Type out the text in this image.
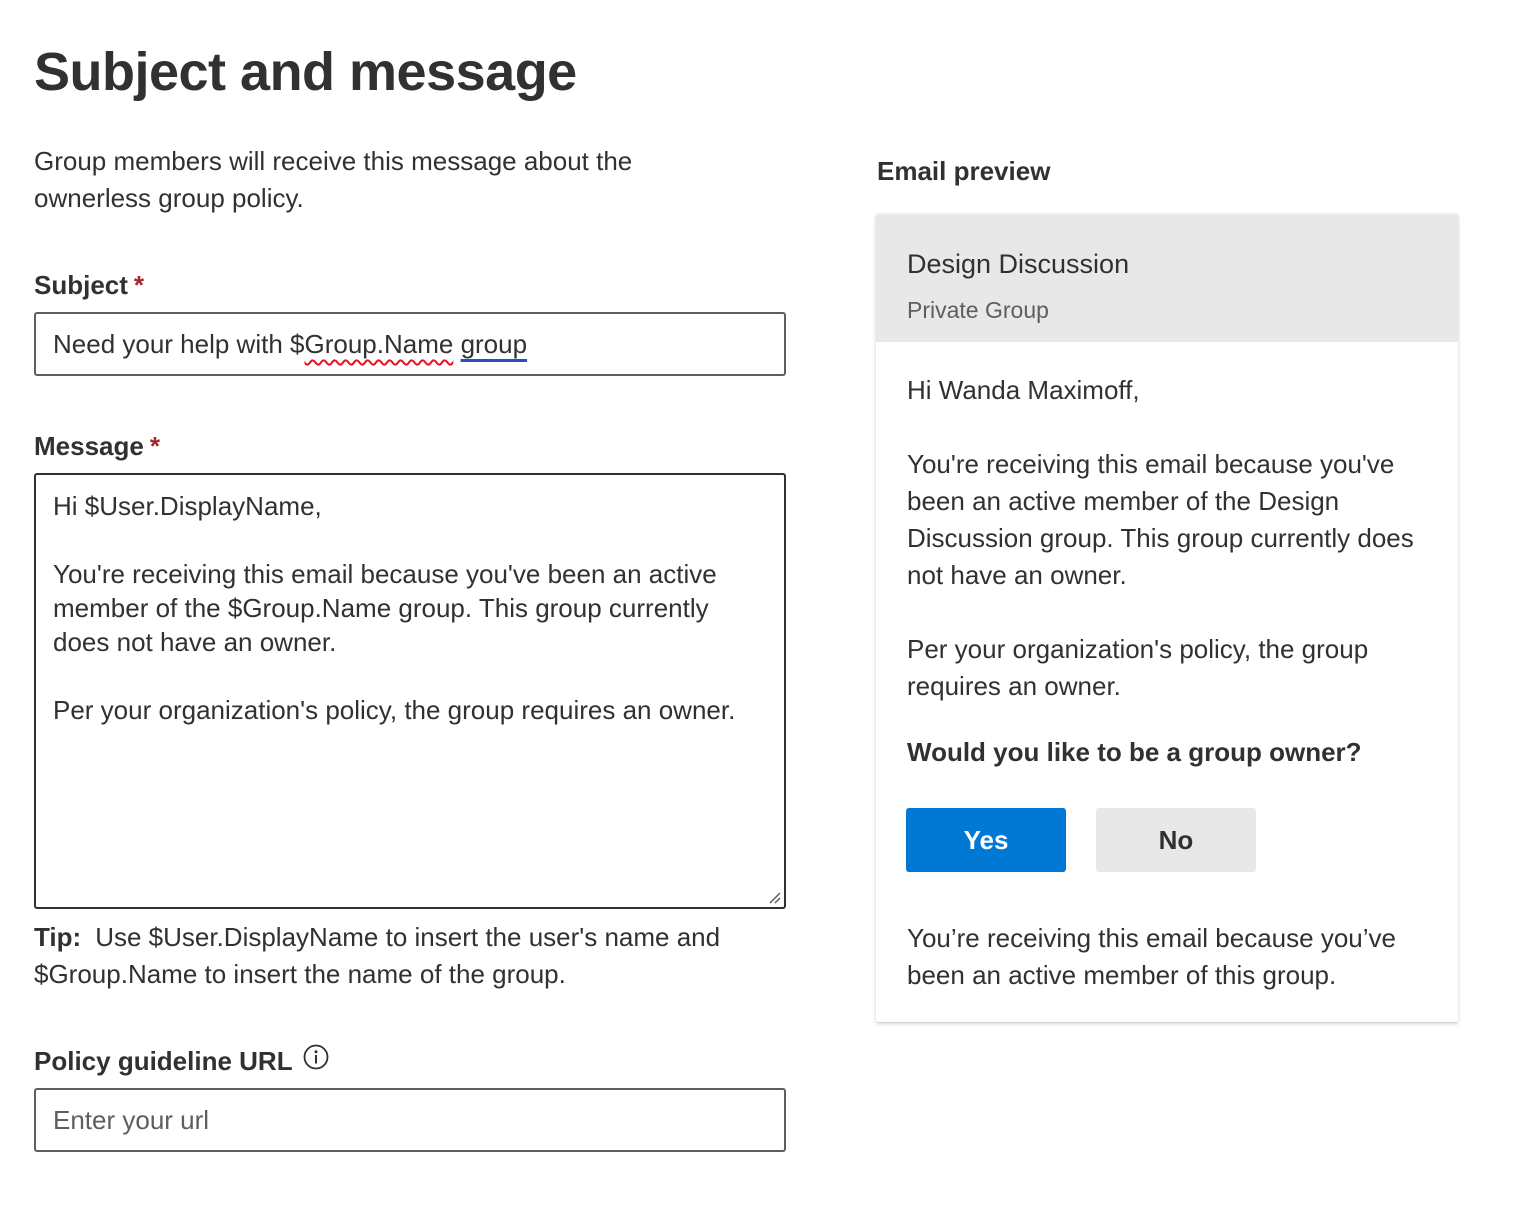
Subject and message
Group members will receive this message about the ownerless group policy.
Subject *
Need your help with $Group.Name group
Message *

Hi $User.DisplayName,

You're receiving this email because you've been an active member of the $Group.Name group. This group currently does not have an owner.

Per your organization's policy, the group requires an owner.

Tip: Use $User.DisplayName to insert the user's name and $Group.Name to insert the name of the group.
Policy guideline URL
Enter your url
Email preview
Design Discussion
Private Group

Hi Wanda Maximoff,

You're receiving this email because you've been an active member of the Design Discussion group. This group currently does not have an owner.

Per your organization's policy, the group requires an owner.

Would you like to be a group owner?
Yes	No
You’re receiving this email because you’ve been an active member of this group.
